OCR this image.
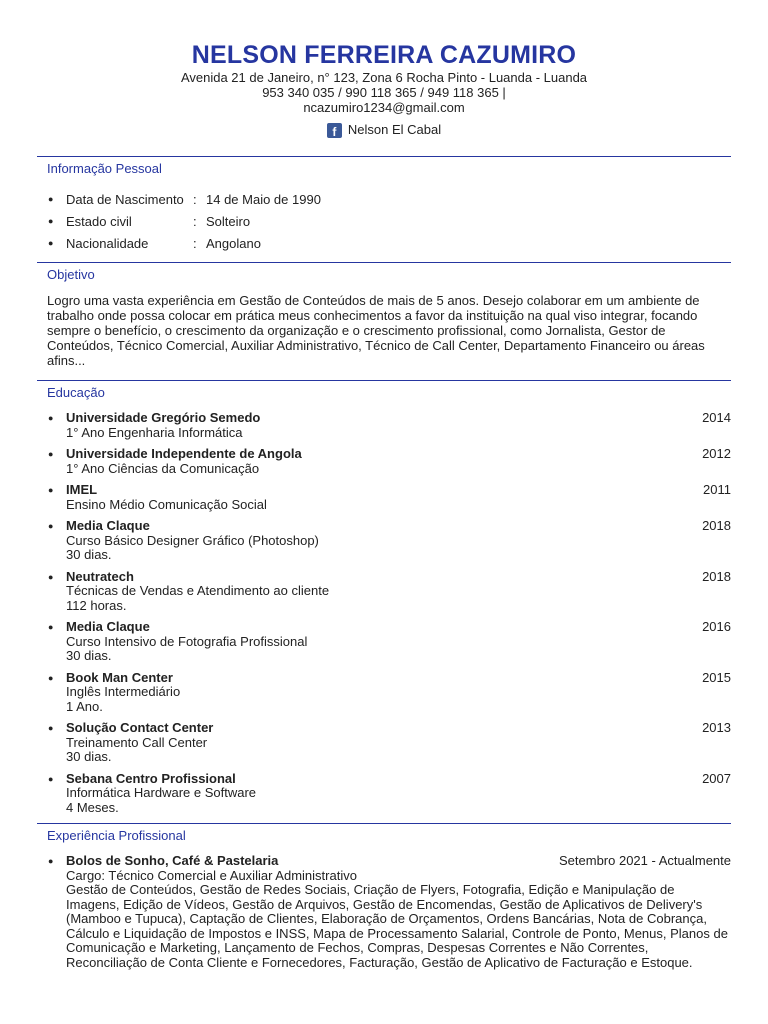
NELSON FERREIRA CAZUMIRO
Avenida 21 de Janeiro, n° 123, Zona 6 Rocha Pinto - Luanda - Luanda
953 340 035 / 990 118 365 / 949 118 365 |
ncazumiro1234@gmail.com
f Nelson El Cabal
Informação Pessoal
● Data de Nascimento : 14 de Maio de 1990
● Estado civil	: Solteiro
● Nacionalidade	: Angolano
Objetivo
Logro uma vasta experiência em Gestão de Conteúdos de mais de 5 anos. Desejo colaborar em um ambiente de trabalho onde possa colocar em prática meus conhecimentos a favor da instituição na qual viso integrar, focando sempre o benefício, o crescimento da organização e o crescimento profissional, como Jornalista, Gestor de Conteúdos, Técnico Comercial, Auxiliar Administrativo, Técnico de Call Center, Departamento Financeiro ou áreas afins...
Educação
● Universidade Gregório Semedo
1° Ano Engenharia Informática
2014
● Universidade Independente de Angola
1° Ano Ciências da Comunicação
2012
● IMEL
Ensino Médio Comunicação Social
2011
● Media Claque
Curso Básico Designer Gráfico (Photoshop)
30 dias.
2018
● Neutratech
Técnicas de Vendas e Atendimento ao cliente
112 horas.
2018
● Media Claque
Curso Intensivo de Fotografia Profissional
30 dias.
2016
● Book Man Center
Inglês Intermediário
1 Ano.
2015
● Solução Contact Center
Treinamento Call Center
30 dias.
2013
● Sebana Centro Profissional
Informática Hardware e Software
4 Meses.
2007
Experiência Profissional
● Bolos de Sonho, Café & Pastelaria
Cargo: Técnico Comercial e Auxiliar Administrativo
Gestão de Conteúdos, Gestão de Redes Sociais, Criação de Flyers, Fotografia, Edição e Manipulação de Imagens, Edição de Vídeos, Gestão de Arquivos, Gestão de Encomendas, Gestão de Aplicativos de Delivery's (Mamboo e Tupuca), Captação de Clientes, Elaboração de Orçamentos, Ordens Bancárias, Nota de Cobrança, Cálculo e Liquidação de Impostos e INSS, Mapa de Processamento Salarial, Controle de Ponto, Menus, Planos de Comunicação e Marketing, Lançamento de Fechos, Compras, Despesas Correntes e Não Correntes, Reconciliação de Conta Cliente e Fornecedores, Facturação, Gestão de Aplicativo de Facturação e Estoque.
Setembro 2021 - Actualmente
